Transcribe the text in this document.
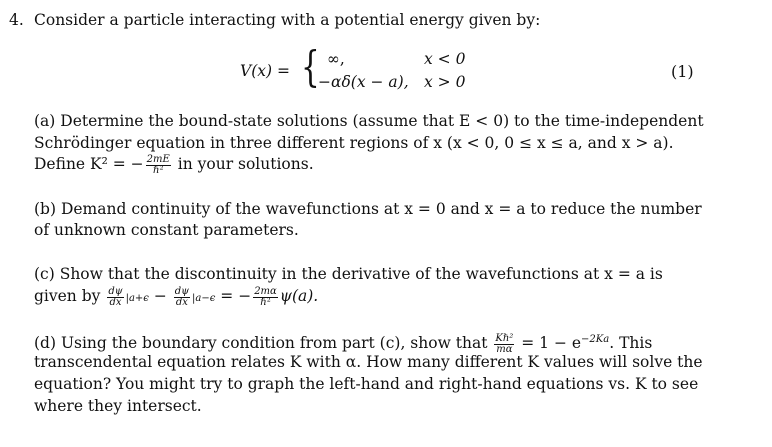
4. Consider a particle interacting with a potential energy given by:
V(x) = { ∞,	x < 0
−αδ(x − a), x > 0
(1)
(a) Determine the bound-state solutions (assume that E < 0) to the time-independent
Schrödinger equation in three different regions of x (x < 0, 0 ≤ x ≤ a, and x > a).
Define K² = − $\frac{2mE}{\text{ℏ²}}$ in your solutions.
(b) Demand continuity of the wavefunctions at x = 0 and x = a to reduce the number
of unknown constant parameters.
(c) Show that the discontinuity in the derivative of the wavefunctions at x = a is
given by $\frac{d\psi}{dx} |a+\epsilon - \frac{d\psi}{dx} |a-\epsilon$ = − $\frac{2m\alpha}{\text{ℏ²}} \psi(a)$.
(d) Using the boundary condition from part (c), show that $\frac{\text{Kℏ²}}{m\alpha} = 1 - e^{-2Ka}$. This
transcendental equation relates K with α. How many different K values will solve the
equation? You might try to graph the left-hand and right-hand equations vs. K to see
where they intersect.
